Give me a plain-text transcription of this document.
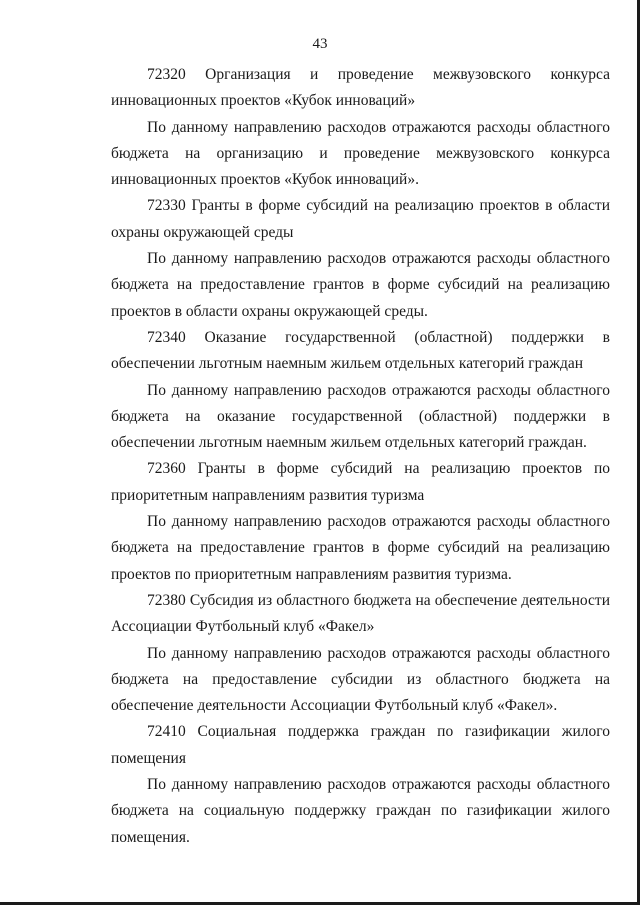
43

72320 Организация и проведение межвузовского конкурса инновационных проектов «Кубок инноваций»

По данному направлению расходов отражаются расходы областного бюджета на организацию и проведение межвузовского конкурса инновационных проектов «Кубок инноваций».

72330 Гранты в форме субсидий на реализацию проектов в области охраны окружающей среды

По данному направлению расходов отражаются расходы областного бюджета на предоставление грантов в форме субсидий на реализацию проектов в области охраны окружающей среды.

72340 Оказание государственной (областной) поддержки в обеспечении льготным наемным жильем отдельных категорий граждан

По данному направлению расходов отражаются расходы областного бюджета на оказание государственной (областной) поддержки в обеспечении льготным наемным жильем отдельных категорий граждан.

72360 Гранты в форме субсидий на реализацию проектов по приоритетным направлениям развития туризма

По данному направлению расходов отражаются расходы областного бюджета на предоставление грантов в форме субсидий на реализацию проектов по приоритетным направлениям развития туризма.

72380 Субсидия из областного бюджета на обеспечение деятельности Ассоциации Футбольный клуб «Факел»

По данному направлению расходов отражаются расходы областного бюджета на предоставление субсидии из областного бюджета на обеспечение деятельности Ассоциации Футбольный клуб «Факел».

72410 Социальная поддержка граждан по газификации жилого помещения

По данному направлению расходов отражаются расходы областного бюджета на социальную поддержку граждан по газификации жилого помещения.
